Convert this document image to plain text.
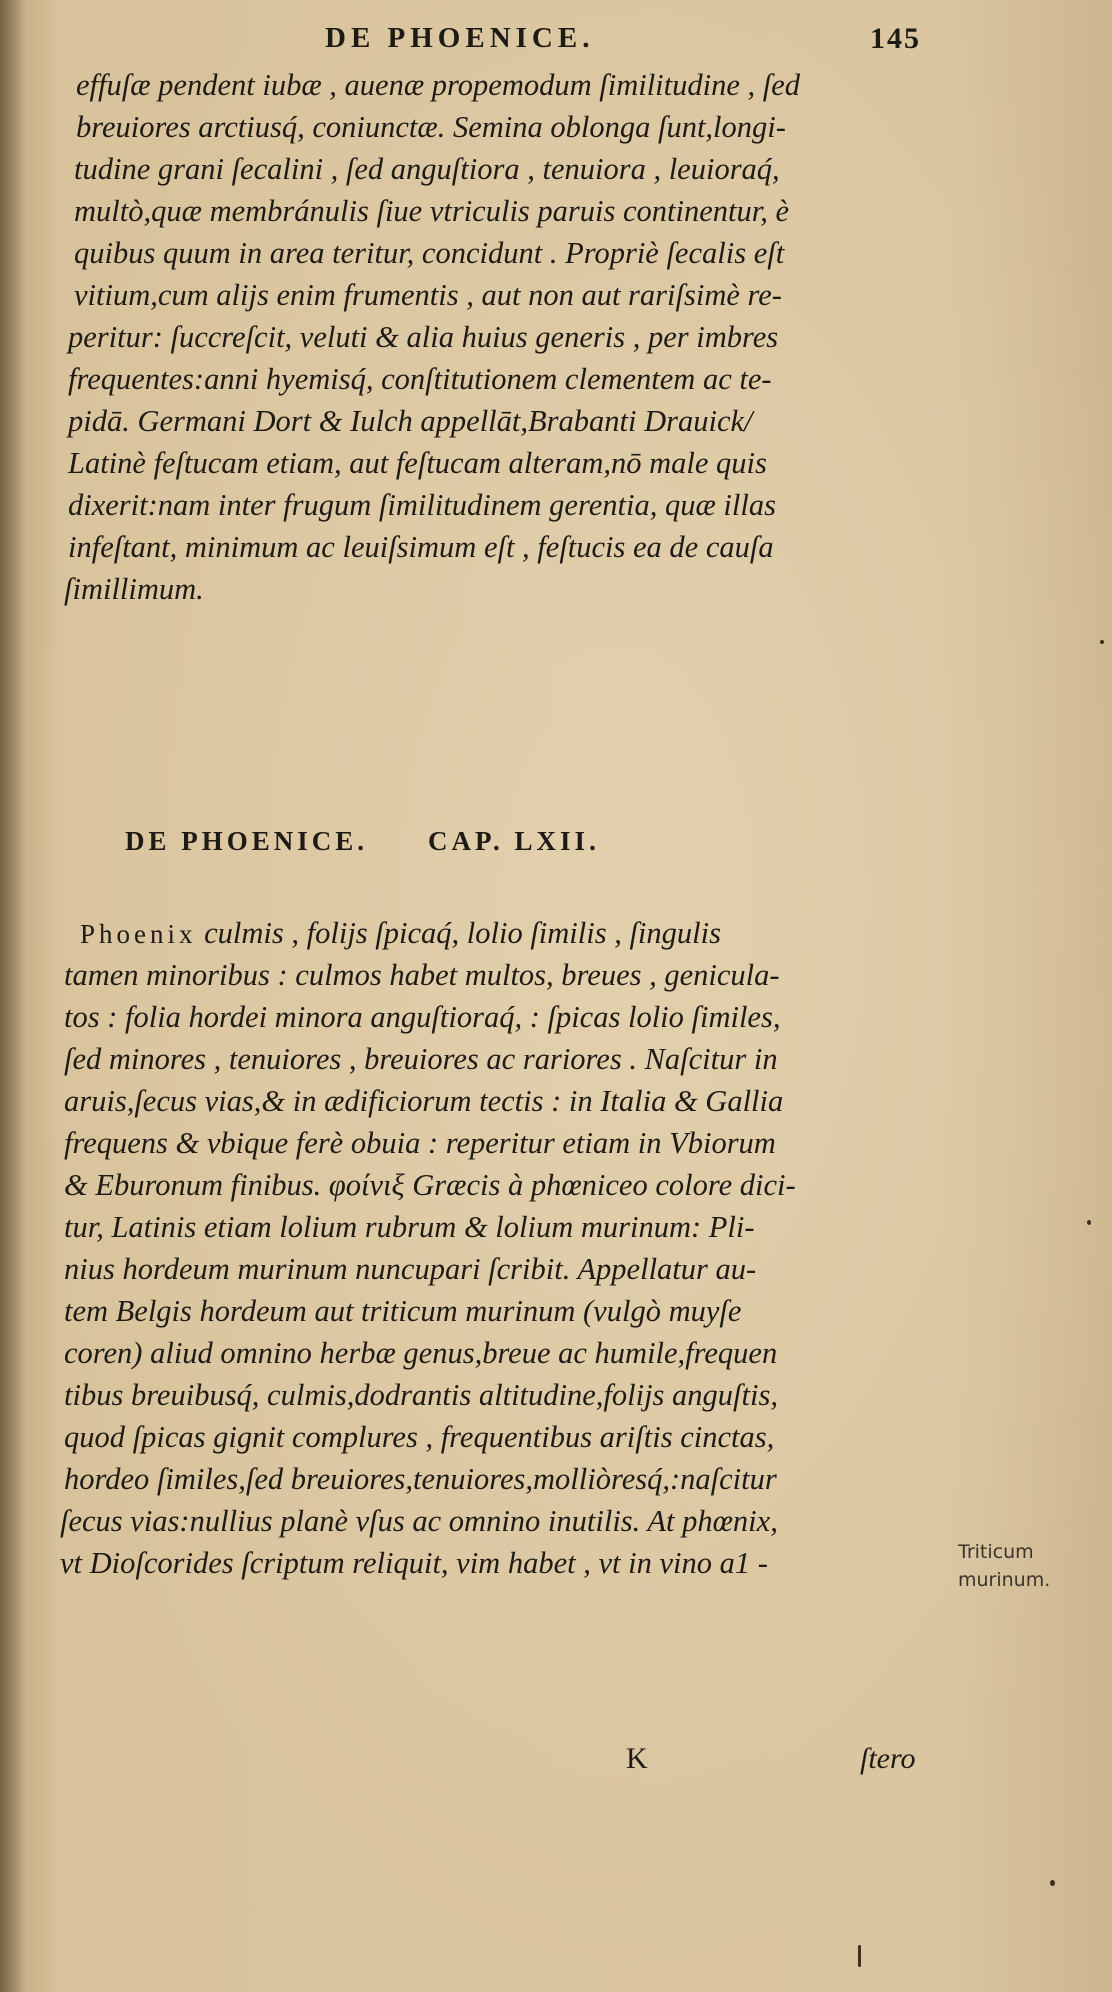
DE PHOENICE.	145
effuſæ pendent iubæ , auenæ propemodum ſimilitudine , ſed
breuiores arctiusq́, coniunctæ. Semina oblonga ſunt,longi-
tudine grani ſecalini , ſed anguſtiora , tenuiora , leuioraq́,
multò,quæ membránulis ſiue vtriculis paruis continentur, è
quibus quum in area teritur, concidunt . Propriè ſecalis eſt
vitium,cum aliјs enim frumentis , aut non aut rariſsimè re-
peritur: ſuccreſcit, veluti & alia huius generis , per imbres
frequentes:anni hyemisq́, conſtitutionem clementem ac te-
pidā. Germani Dort & Iulch appellāt,Brabanti Drauick/
Latinè feſtucam etiam, aut feſtucam alteram,nō male quis
dixerit:nam inter frugum ſimilitudinem gerentia, quæ illas
infeſtant, minimum ac leuiſsimum eſt , feſtucis ea de cauſa
ſimillimum.
DE PHOENICE. CAP. LXII.
Phoenix culmis , foliјs ſpicaq́, lolio ſimilis , ſingulis
tamen minoribus : culmos habet multos, breues , genicula-
tos : folia hordei minora anguſtioraq́, : ſpicas lolio ſimiles,
ſed minores , tenuiores , breuiores ac rariores . Naſcitur in
aruis,ſecus vias,& in ædificiorum tectis : in Italia & Gallia
frequens & vbique ferè obuia : reperitur etiam in Vbiorum
& Eburonum finibus. φοίνιξ Græcis à phœniceo colore dici-
tur, Latinis etiam lolium rubrum & lolium murinum: Pli-
nius hordeum murinum nuncupari ſcribit. Appellatur au-
tem Belgis hordeum aut triticum murinum (vulgò muyſe
coren) aliud omnino herbæ genus,breue ac humile,frequen
tibus breuibusq́, culmis,dodrantis altitudine,foliјs anguſtis,
quod ſpicas gignit complures , frequentibus ariſtis cinctas,
hordeo ſimiles,ſed breuiores,tenuiores,molliòresq́,:naſcitur
ſecus vias:nullius planè vſus ac omnino inutilis. At phœnix,
vt Dioſcorides ſcriptum reliquit, vim habet , vt in vino a1 -	Triticum
murinum.
K	ſtero
